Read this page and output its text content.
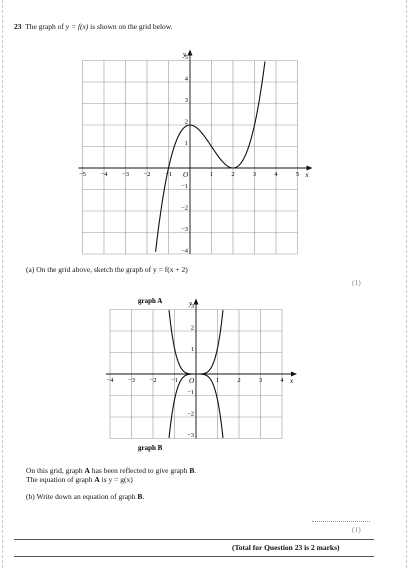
23 The graph of y = f(x) is shown on the grid below.
y
x
O
−5 −4 −3 −2 −1	1	2	3	4	5
5
4
3
2
1
−1
−2
−3
−4
(a) On the grid above, sketch the graph of y = f(x + 2)
(1)
y
x
O
−4 −3 −2 −1	1	2	3	4
3
2
1
−1
−2
−3
graph A
graph B
On this grid, graph A has been reflected to give graph B.
The equation of graph A is y = g(x)
(b) Write down an equation of graph B.
(1)
(Total for Question 23 is 2 marks)
